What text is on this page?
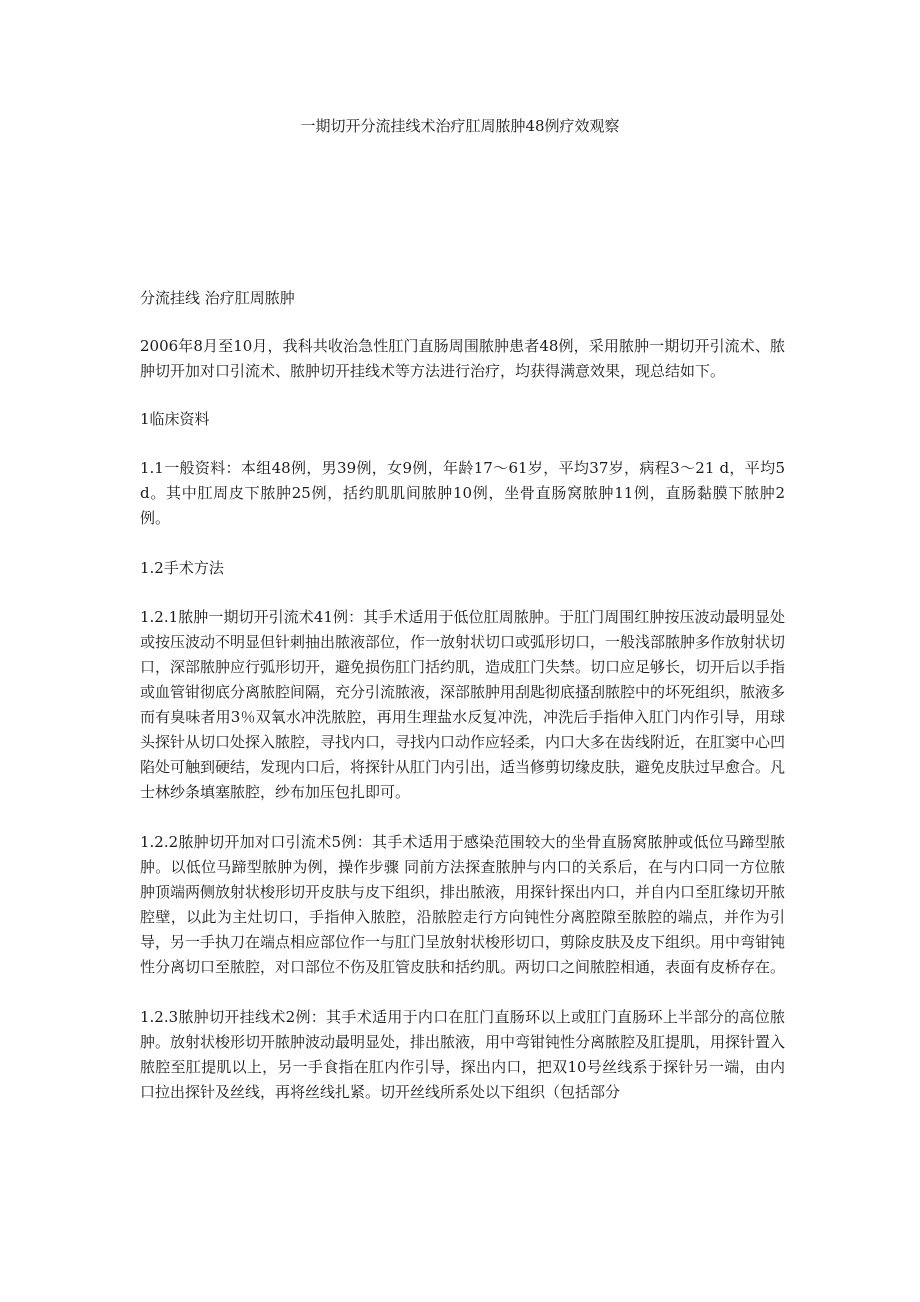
一期切开分流挂线术治疗肛周脓肿48例疗效观察

分流挂线 治疗肛周脓肿

2006年8月至10月，我科共收治急性肛门直肠周围脓肿患者48例，采用脓肿一期切开引流术、脓肿切开加对口引流术、脓肿切开挂线术等方法进行治疗，均获得满意效果，现总结如下。

1临床资料

1.1一般资料：本组48例，男39例，女9例，年龄17～61岁，平均37岁，病程3～21 d，平均5 d。其中肛周皮下脓肿25例，括约肌肌间脓肿10例，坐骨直肠窝脓肿11例，直肠黏膜下脓肿2例。

1.2手术方法

1.2.1脓肿一期切开引流术41例：其手术适用于低位肛周脓肿。于肛门周围红肿按压波动最明显处或按压波动不明显但针刺抽出脓液部位，作一放射状切口或弧形切口，一般浅部脓肿多作放射状切口，深部脓肿应行弧形切开，避免损伤肛门括约肌，造成肛门失禁。切口应足够长，切开后以手指或血管钳彻底分离脓腔间隔，充分引流脓液，深部脓肿用刮匙彻底搔刮脓腔中的坏死组织，脓液多而有臭味者用3％双氧水冲洗脓腔，再用生理盐水反复冲洗，冲洗后手指伸入肛门内作引导，用球头探针从切口处探入脓腔，寻找内口，寻找内口动作应轻柔，内口大多在齿线附近，在肛窦中心凹陷处可触到硬结，发现内口后，将探针从肛门内引出，适当修剪切缘皮肤，避免皮肤过早愈合。凡士林纱条填塞脓腔，纱布加压包扎即可。

1.2.2脓肿切开加对口引流术5例：其手术适用于感染范围较大的坐骨直肠窝脓肿或低位马蹄型脓肿。以低位马蹄型脓肿为例，操作步骤 同前方法探查脓肿与内口的关系后，在与内口同一方位脓肿顶端两侧放射状梭形切开皮肤与皮下组织，排出脓液，用探针探出内口，并自内口至肛缘切开脓腔壁，以此为主灶切口，手指伸入脓腔，沿脓腔走行方向钝性分离腔隙至脓腔的端点，并作为引导，另一手执刀在端点相应部位作一与肛门呈放射状梭形切口，剪除皮肤及皮下组织。用中弯钳钝性分离切口至脓腔，对口部位不伤及肛管皮肤和括约肌。两切口之间脓腔相通，表面有皮桥存在。

1.2.3脓肿切开挂线术2例：其手术适用于内口在肛门直肠环以上或肛门直肠环上半部分的高位脓肿。放射状梭形切开脓肿波动最明显处，排出脓液，用中弯钳钝性分离脓腔及肛提肌，用探针置入脓腔至肛提肌以上，另一手食指在肛内作引导，探出内口，把双10号丝线系于探针另一端，由内口拉出探针及丝线，再将丝线扎紧。切开丝线所系处以下组织（包括部分
